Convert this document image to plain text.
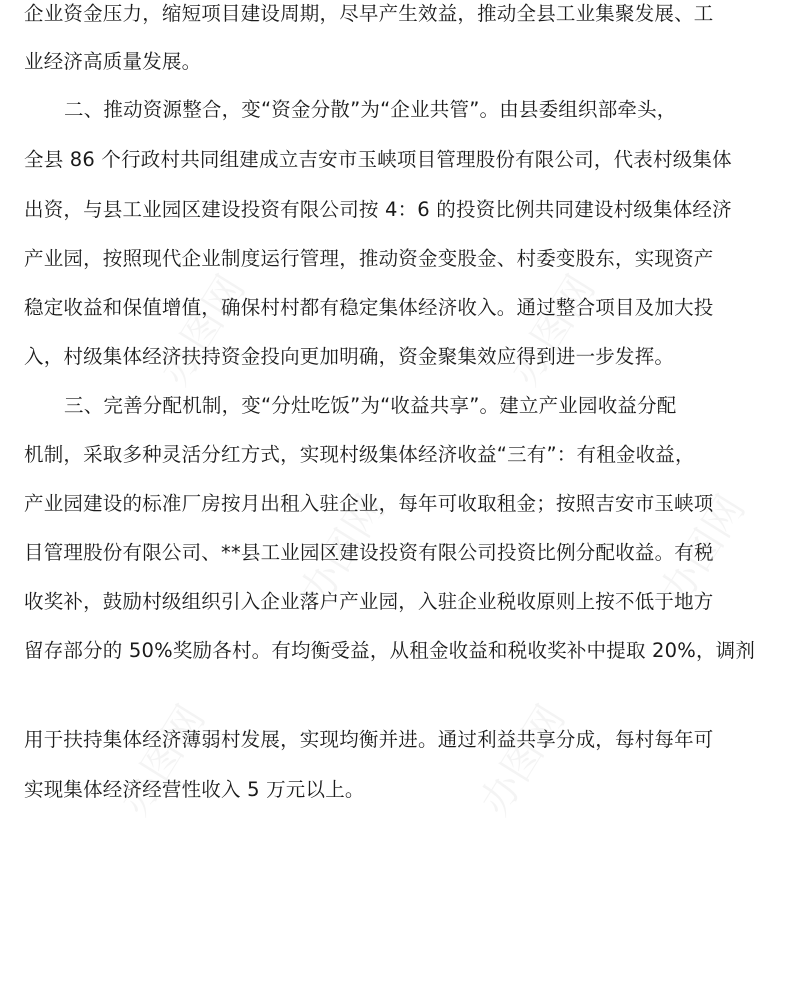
企业资金压力，缩短项目建设周期，尽早产生效益，推动全县工业集聚发展、工
业经济高质量发展。
二、推动资源整合，变“资金分散”为“企业共管”。由县委组织部牵头，
全县 86 个行政村共同组建成立吉安市玉峡项目管理股份有限公司，代表村级集体
出资，与县工业园区建设投资有限公司按 4：6 的投资比例共同建设村级集体经济
产业园，按照现代企业制度运行管理，推动资金变股金、村委变股东，实现资产
稳定收益和保值增值，确保村村都有稳定集体经济收入。通过整合项目及加大投
入，村级集体经济扶持资金投向更加明确，资金聚集效应得到进一步发挥。
三、完善分配机制，变“分灶吃饭”为“收益共享”。建立产业园收益分配
机制，采取多种灵活分红方式，实现村级集体经济收益“三有”：有租金收益，
产业园建设的标准厂房按月出租入驻企业，每年可收取租金；按照吉安市玉峡项
目管理股份有限公司、**县工业园区建设投资有限公司投资比例分配收益。有税
收奖补，鼓励村级组织引入企业落户产业园，入驻企业税收原则上按不低于地方
留存部分的 50%奖励各村。有均衡受益，从租金收益和税收奖补中提取 20%，调剂
用于扶持集体经济薄弱村发展，实现均衡并进。通过利益共享分成，每村每年可
实现集体经济经营性收入 5 万元以上。
